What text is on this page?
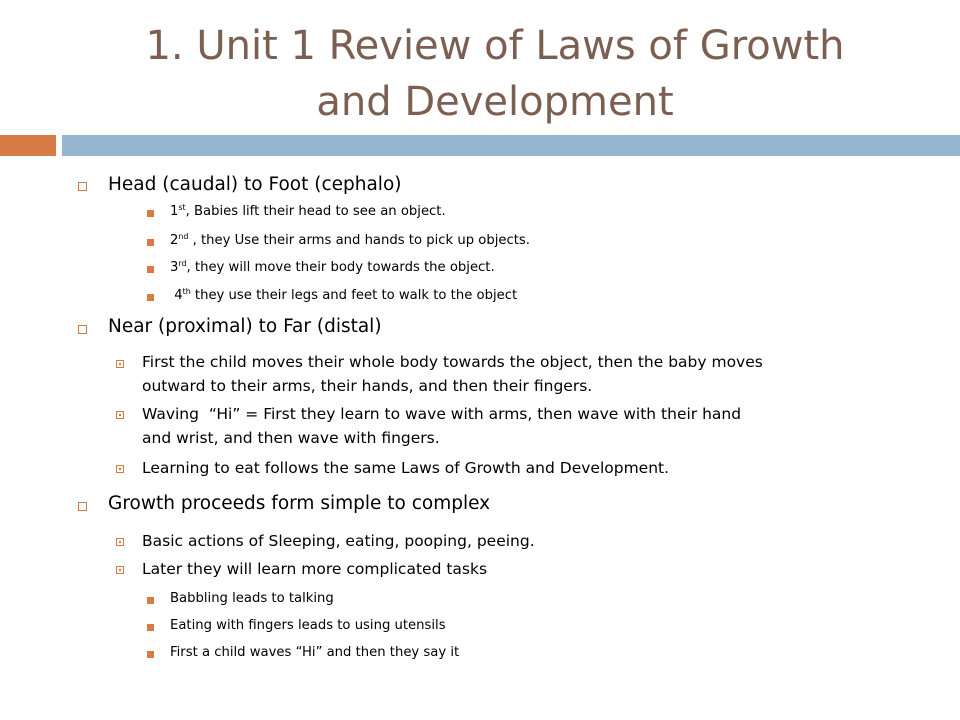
1. Unit 1 Review of Laws of Growth
and Development
Head (caudal) to Foot (cephalo)
1st, Babies lift their head to see an object.
2nd , they Use their arms and hands to pick up objects.
3rd, they will move their body towards the object.
4th they use their legs and feet to walk to the object
Near (proximal) to Far (distal)
First the child moves their whole body towards the object, then the baby moves
outward to their arms, their hands, and then their fingers.
Waving  “Hi” = First they learn to wave with arms, then wave with their hand
and wrist, and then wave with fingers.
Learning to eat follows the same Laws of Growth and Development.
Growth proceeds form simple to complex
Basic actions of Sleeping, eating, pooping, peeing.
Later they will learn more complicated tasks
Babbling leads to talking
Eating with fingers leads to using utensils
First a child waves “Hi” and then they say it
